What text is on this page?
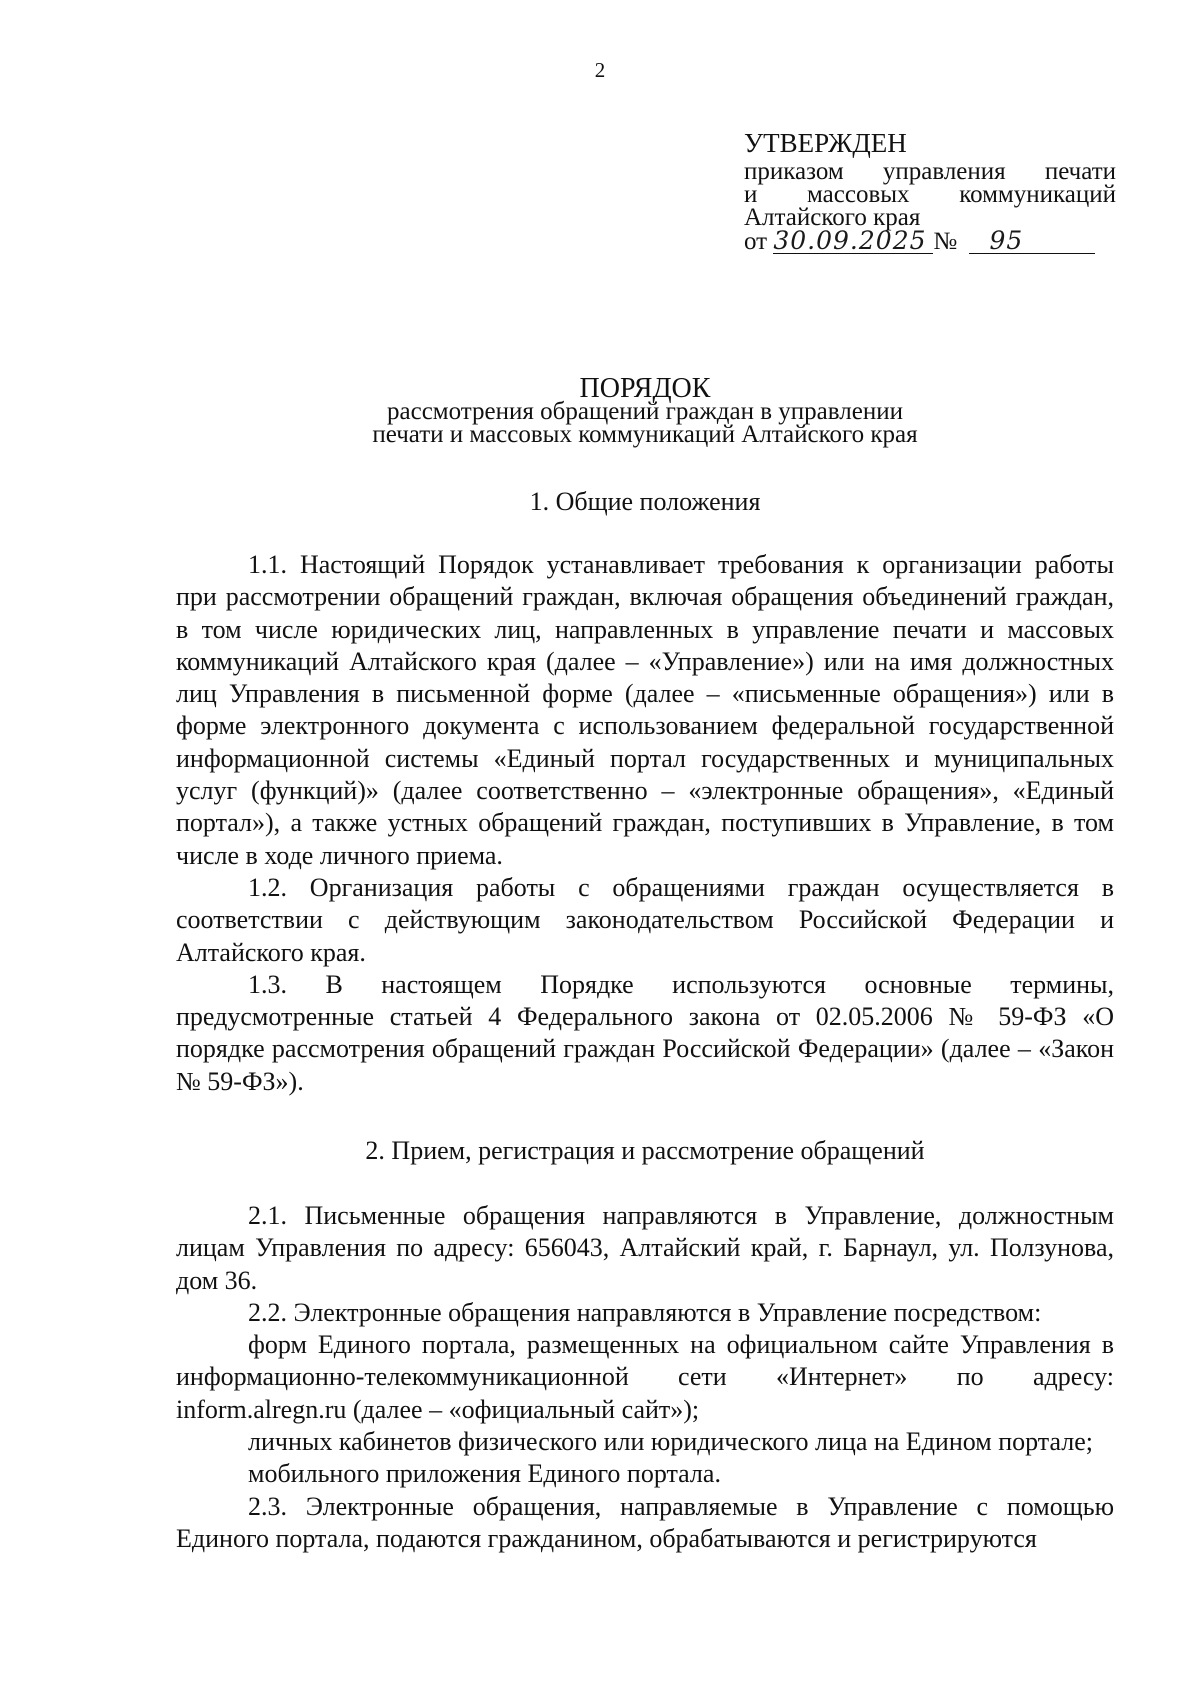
2
УТВЕРЖДЕН
приказом управления печати
и массовых коммуникаций
Алтайского края
от 30.09.2025 № 95
ПОРЯДОК
рассмотрения обращений граждан в управлении
печати и массовых коммуникаций Алтайского края
1. Общие положения

1.1. Настоящий Порядок устанавливает требования к организации работы при рассмотрении обращений граждан, включая обращения объединений граждан, в том числе юридических лиц, направленных в управление печати и массовых коммуникаций Алтайского края (далее – «Управление») или на имя должностных лиц Управления в письменной форме (далее – «письменные обращения») или в форме электронного документа с использованием федеральной государственной информационной системы «Единый портал государственных и муниципальных услуг (функций)» (далее соответственно – «электронные обращения», «Единый портал»), а также устных обращений граждан, поступивших в Управление, в том числе в ходе личного приема.

1.2. Организация работы с обращениями граждан осуществляется в соответствии с действующим законодательством Российской Федерации и Алтайского края.

1.3. В настоящем Порядке используются основные термины, предусмотренные статьей 4 Федерального закона от 02.05.2006 № 59-ФЗ «О порядке рассмотрения обращений граждан Российской Федерации» (далее – «Закон № 59-ФЗ»).

2. Прием, регистрация и рассмотрение обращений

2.1. Письменные обращения направляются в Управление, должностным лицам Управления по адресу: 656043, Алтайский край, г. Барнаул, ул. Ползунова, дом 36.

2.2. Электронные обращения направляются в Управление посредством:

форм Единого портала, размещенных на официальном сайте Управления в информационно-телекоммуникационной сети «Интернет» по адресу: inform.alregn.ru (далее – «официальный сайт»);

личных кабинетов физического или юридического лица на Едином портале;

мобильного приложения Единого портала.

2.3. Электронные обращения, направляемые в Управление с помощью Единого портала, подаются гражданином, обрабатываются и регистрируются
